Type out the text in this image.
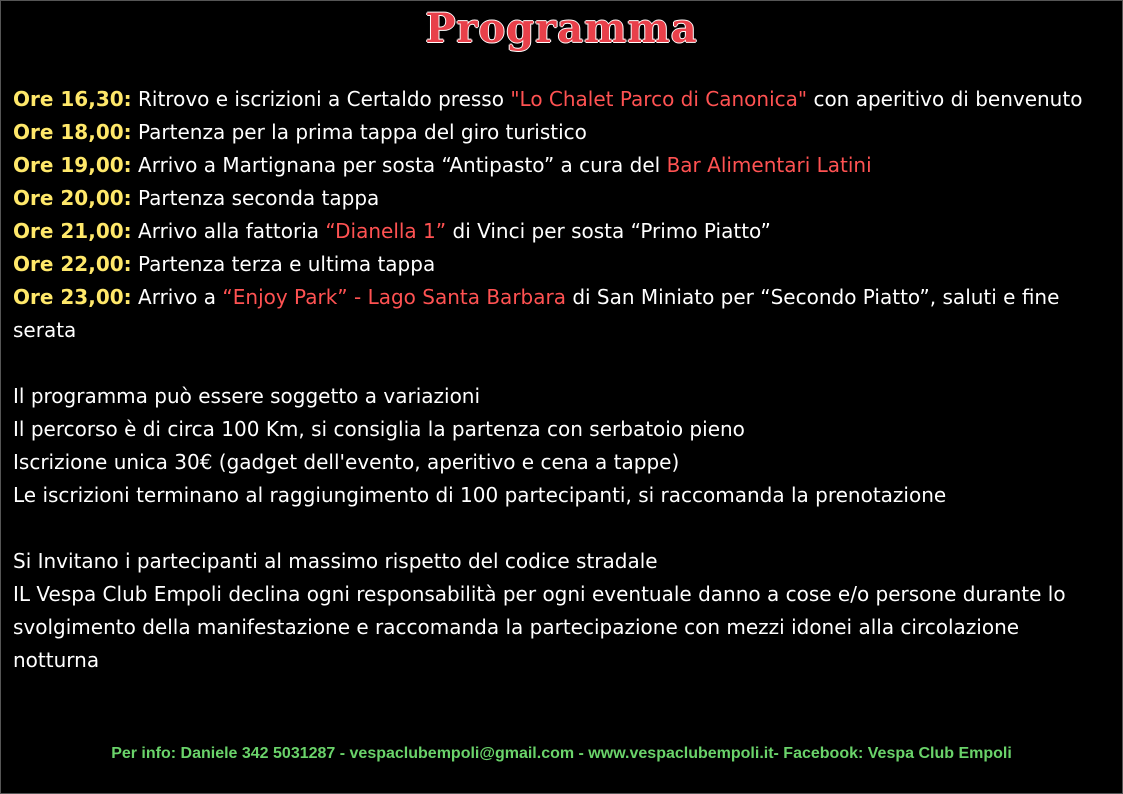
Programma
Ore 16,30: Ritrovo e iscrizioni a Certaldo presso "Lo Chalet Parco di Canonica" con aperitivo di benvenuto
Ore 18,00: Partenza per la prima tappa del giro turistico
Ore 19,00: Arrivo a Martignana per sosta “Antipasto” a cura del Bar Alimentari Latini
Ore 20,00: Partenza seconda tappa
Ore 21,00: Arrivo alla fattoria “Dianella 1” di Vinci per sosta “Primo Piatto”
Ore 22,00: Partenza terza e ultima tappa
Ore 23,00: Arrivo a “Enjoy Park” - Lago Santa Barbara di San Miniato per “Secondo Piatto”, saluti e fine serata
Il programma può essere soggetto a variazioni
Il percorso è di circa 100 Km, si consiglia la partenza con serbatoio pieno
Iscrizione unica 30€ (gadget dell'evento, aperitivo e cena a tappe)
Le iscrizioni terminano al raggiungimento di 100 partecipanti, si raccomanda la prenotazione
Si Invitano i partecipanti al massimo rispetto del codice stradale
IL Vespa Club Empoli declina ogni responsabilità per ogni eventuale danno a cose e/o persone durante lo svolgimento della manifestazione e raccomanda la partecipazione con mezzi idonei alla circolazione notturna
Per info: Daniele 342 5031287 - vespaclubempoli@gmail.com - www.vespaclubempoli.it- Facebook: Vespa Club Empoli
